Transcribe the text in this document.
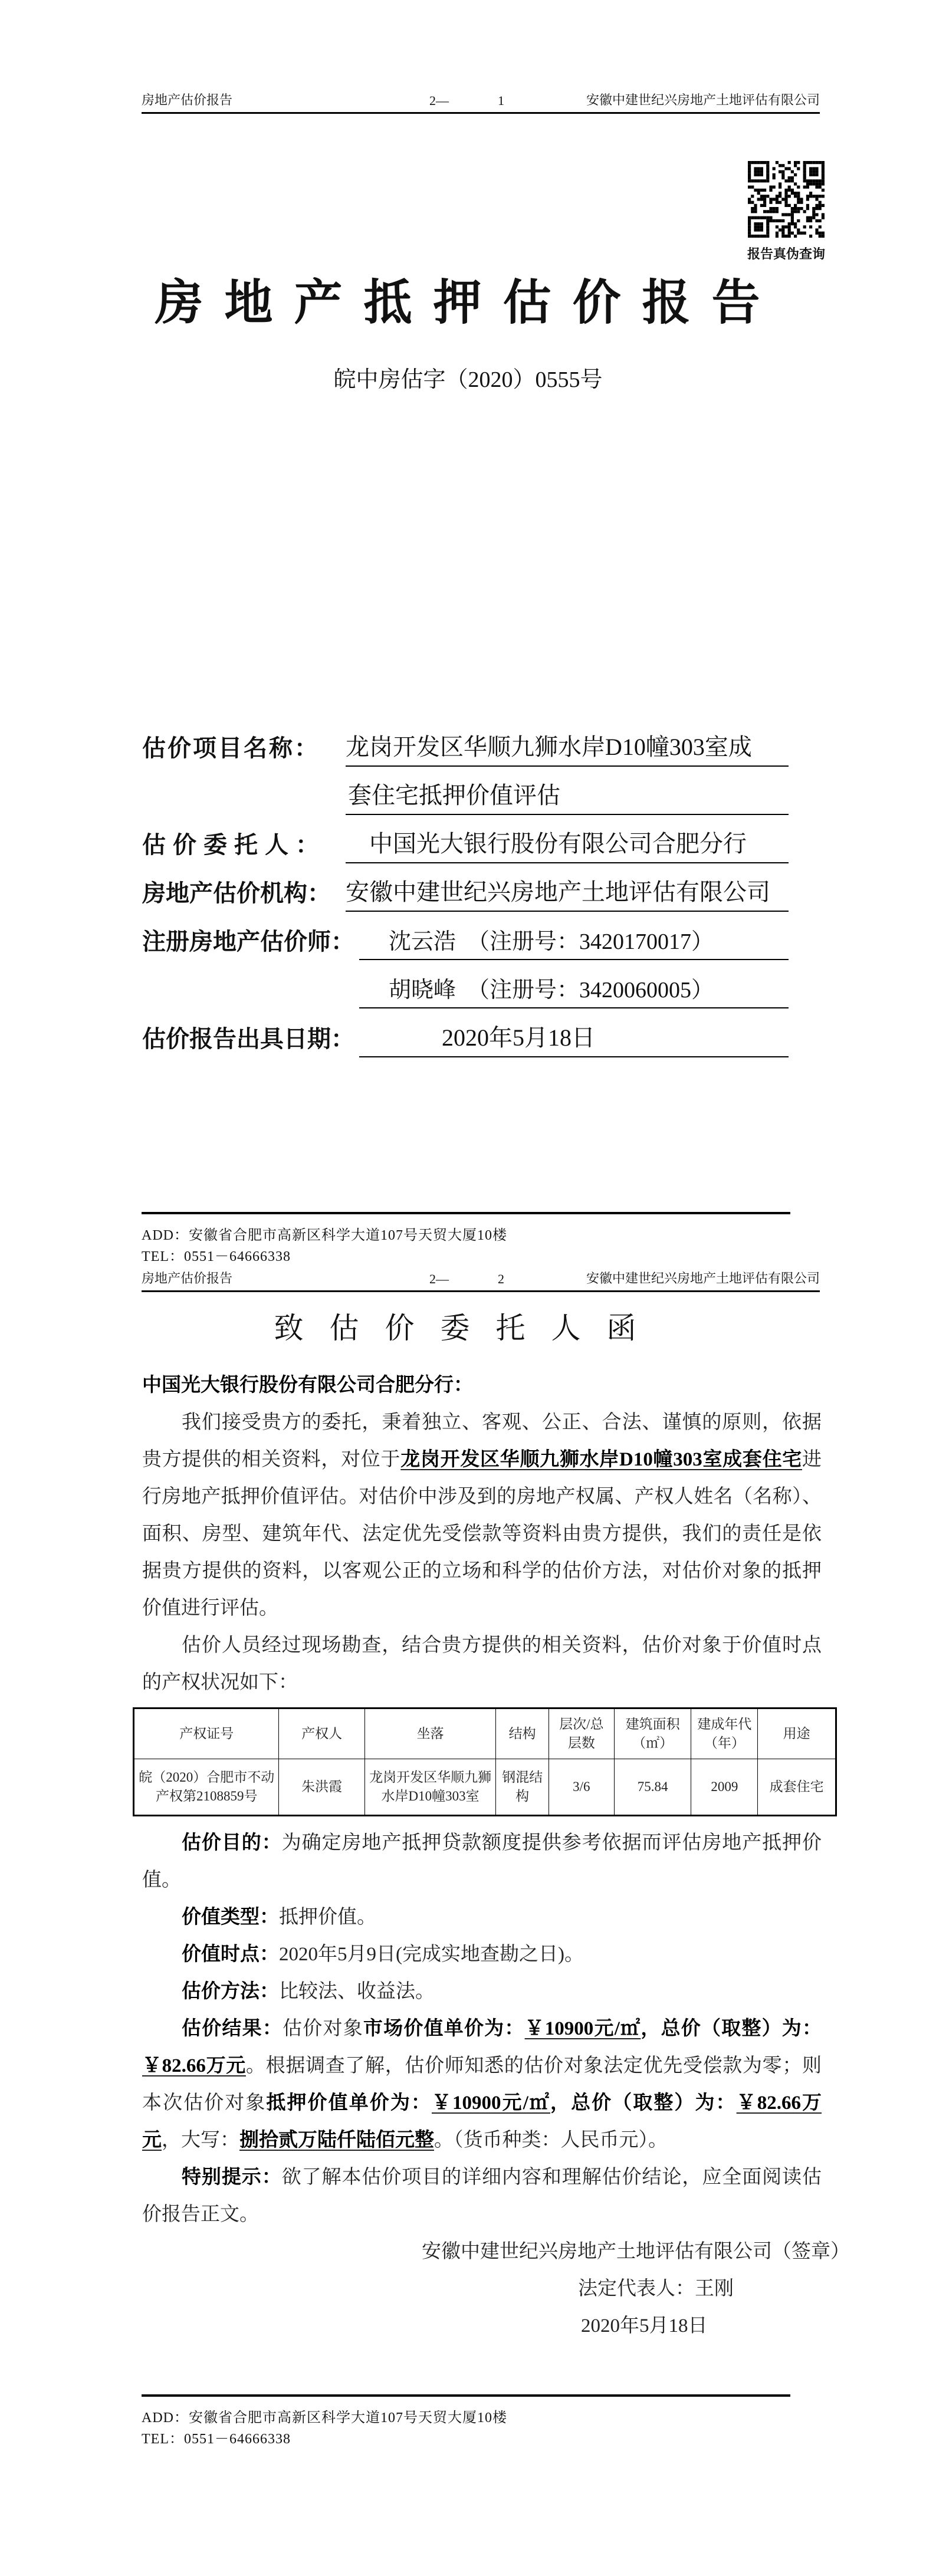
房地产估价报告	2—	1	安徽中建世纪兴房地产土地评估有限公司
报告真伪查询
房地产抵押估价报告
皖中房估字（2020）0555号
估价项目名称： 龙岗开发区华顺九狮水岸D10幢303室成
套住宅抵押价值评估
估价委托人： 中国光大银行股份有限公司合肥分行
房地产估价机构： 安徽中建世纪兴房地产土地评估有限公司
注册房地产估价师： 沈云浩　（注册号：3420170017）
胡晓峰　（注册号：3420060005）
估价报告出具日期：	2020年5月18日
ADD：安徽省合肥市高新区科学大道107号天贸大厦10楼
TEL：0551－64666338
房地产估价报告	2—	2	安徽中建世纪兴房地产土地评估有限公司
致估价委托人函

中国光大银行股份有限公司合肥分行：

我们接受贵方的委托，秉着独立、客观、公正、合法、谨慎的原则，依据贵方提供的相关资料，对位于龙岗开发区华顺九狮水岸D10幢303室成套住宅进行房地产抵押价值评估。对估价中涉及到的房地产权属、产权人姓名（名称）、面积、房型、建筑年代、法定优先受偿款等资料由贵方提供，我们的责任是依据贵方提供的资料，以客观公正的立场和科学的估价方法，对估价对象的抵押价值进行评估。

估价人员经过现场勘查，结合贵方提供的相关资料，估价对象于价值时点的产权状况如下：

产权证号	产权人	坐落	结构	层次/总层数	建筑面积（㎡）	建成年代（年）	用途
皖（2020）合肥市不动产权第2108859号	朱洪霞	龙岗开发区华顺九狮水岸D10幢303室	钢混结构	3/6	75.84	2009	成套住宅

估价目的：为确定房地产抵押贷款额度提供参考依据而评估房地产抵押价值。

价值类型：抵押价值。

价值时点：2020年5月9日(完成实地查勘之日)。

估价方法：比较法、收益法。

估价结果：估价对象市场价值单价为：￥10900元/㎡，总价（取整）为：￥82.66万元。根据调查了解，估价师知悉的估价对象法定优先受偿款为零；则本次估价对象抵押价值单价为：￥10900元/㎡，总价（取整）为：￥82.66万元，大写：捌拾贰万陆仟陆佰元整。（货币种类：人民币元）。

特别提示：欲了解本估价项目的详细内容和理解估价结论，应全面阅读估价报告正文。

安徽中建世纪兴房地产土地评估有限公司（签章）
法定代表人：王刚
2020年5月18日
ADD：安徽省合肥市高新区科学大道107号天贸大厦10楼
TEL：0551－64666338
